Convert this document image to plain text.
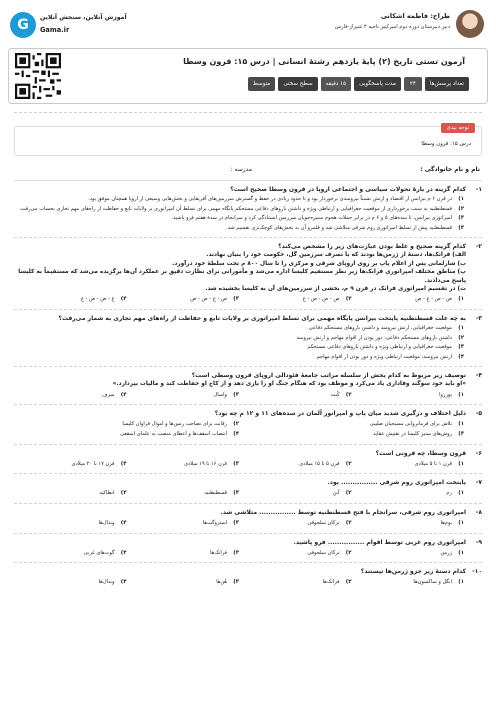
طراح: فاطمه اشکانی
دبیر دبیرستان دوره دوم امیرکبیر ناحیه ۳ شیراز-فارس
G	آموزش آنلاین، سنجش آنلاین
Gama.ir
آزمون تستی تاریخ (۲) پایهٔ یازدهم رشتهٔ انسانی | درس ۱۵: قرون وسطا
تعداد پرسش‌ها
۲۴
مدت پاسخگویی
۱۵ دقیقه
سطح سختی
متوسط
توجه بیدی
درس ۱۵: قرون وسطا
نام و نام خانوادگی :
مدرسه :
۱-
کدام گزینه در بارهٔ تحولات سیاسی و اجتماعی اروپا در قرون وسطا صحیح است؟
۱)
در قرن ۶ م بیزانس از اقتصاد و ارتش نسبتاً نیرومندی برخوردار بود و تا حدود زیادی در حفظ و گسترش سرزمین‌های آفریقایی و بخش‌هایی وسیعی از اروپا همچنان موفق بود.
۲)
قسطنطنیه به سبب برخورداری از موقعیت جغرافیایی و ارتباطی ویژه و داشتن باروهای دفاعی مستحکم پایگاه مهمی برای تسلط آن امپراتوری بر ولایات تابع و حفاظت از راه‌های مهم تجاری بحساب می‌رفت.
۳)
امپراتوری بیزانس، تا سده‌های ۵ و ۶ م در برابر حملات هجوم ستیزه‌جویان سرزمین ایستادگی کرد و سرانجام در سدهٔ هفتم فرو پاشید.
۴)
قسطنطنیه پیش از تسلط امپراتوری روم شرقی متلاشی شد و قلمرو آن به بخش‌های کوچک‌تری تقسیم شد.
۲-
کدام گزینه صحیح و غلط بودن عبارت‌های زیر را مشخص می‌کند؟
الف) فرانک‌ها، دستهٔ از ژرمن‌ها بودند که با تصرف سرزمین گل، حکومت خود را بنیان نهادند.
ب) شارلمانی پس از اعلام پاپ بر روی اروپای شرقی و مرکزی را تا سال ۸۰۰ م تحت سلطهٔ خود درآورد.
پ) مناطق مختلف امپراتوری فرانک‌ها زیر نظر مستقیم کلیسا اداره می‌شد و مأمورانی برای نظارت دقیق بر عملکرد آن‌ها برگزیده می‌شد که مستقیماً به کلیسا پاسخ می‌دادند.
ت) در تقسیم امپراتوری فرانک در قرن ۹ م، بخشی از سرزمین‌های آن به کلیسا بخشیده شد.
۱)
ص - ص - غ - ص
۲)
ص - ص - ص - غ
۳)
ص - غ - ص - ص
۴)
غ - ص - ص - غ
۳-
به چه علت قسطنطنیه پایتخت بیزانس پایگاه مهمی برای تسلط امپراتوری بر ولایات تابع و حفاظت از راه‌های مهم تجاری به شمار می‌رفت؟
۱)
موقعیت جغرافیایی، ارتش نیرومند و داشتن باروهای مستحکم دفاعی
۲)
داشتن باروهای مستحکم دفاعی، دور بودن از اقوام مهاجم و ارتش نیرومند
۳)
موقعیت جغرافیایی و ارتباطی ویژه و داشتن باروهای دفاعی مستحکم
۴)
ارتش نیرومند، موقعیت ارتباطی ویژه و دور بودن از اقوام مهاجم
۴-
توصیف زیر مربوط به کدام بخش از سلسله مراتب جامعهٔ فئودالی اروپای قرون وسطی است؟
«او باید خود سوگند وفاداری یاد می‌کرد و موظف بود که هنگام جنگ او را یاری دهد و از کاخ او حفاظت کند و مالیات بپردازد.»
۱)
بورژوا
۲)
کُنت
۳)
واسال
۴)
سرف
۵-
دلیل اختلاف و درگیری شدید میان پاپ و امپراتور آلمان در سده‌های ۱۱ و ۱۲ م چه بود؟
۱)
تلاش برای فرمانروایی مسیحیان صلیبی
۲)
رقابت برای تصاحب زمین‌ها و اموال فراوان کلیسا
۳)
روش‌های ستیز کلیسا در تفتیش عقاید
۴)
انتصاب اسقف‌ها و اعطای منصب به علمای اسقفی
۶-
قرون وسطا، چه قرونی است؟
۱)
قرن ۱ تا ۵ میلادی
۲)
قرن ۵ تا ۱۵ میلادی
۳)
قرن ۱۶ تا ۱۹ میلادی
۴)
قرن ۱۷ تا ۲۰ میلادی
۷-
پایتخت امپراتوری روم شرقی ................ بود.
۱)
رم
۲)
آتن
۳)
قسطنطنیه
۴)
انطاکیه
۸-
امپراتوری روم شرقی، سرانجام با فتح قسطنطنیه توسط ................ متلاشی شد.
۱)
بوم‌ها
۲)
ترکان سلجوقی
۳)
استروگت‌ها
۴)
وندال‌ها
۹-
امپراتوری روم غربی توسط اقوام ................ فرو پاشید.
۱)
ژرمن
۲)
ترکان سلجوقی
۳)
فرانک‌ها
۴)
گوت‌های غربی
۱۰-
کدام دستهٔ زیر جزو ژرمن‌ها نیستند؟
۱)
انگل و ساکسون‌ها
۲)
فرانک‌ها
۳)
هُن‌ها
۴)
وندال‌ها
